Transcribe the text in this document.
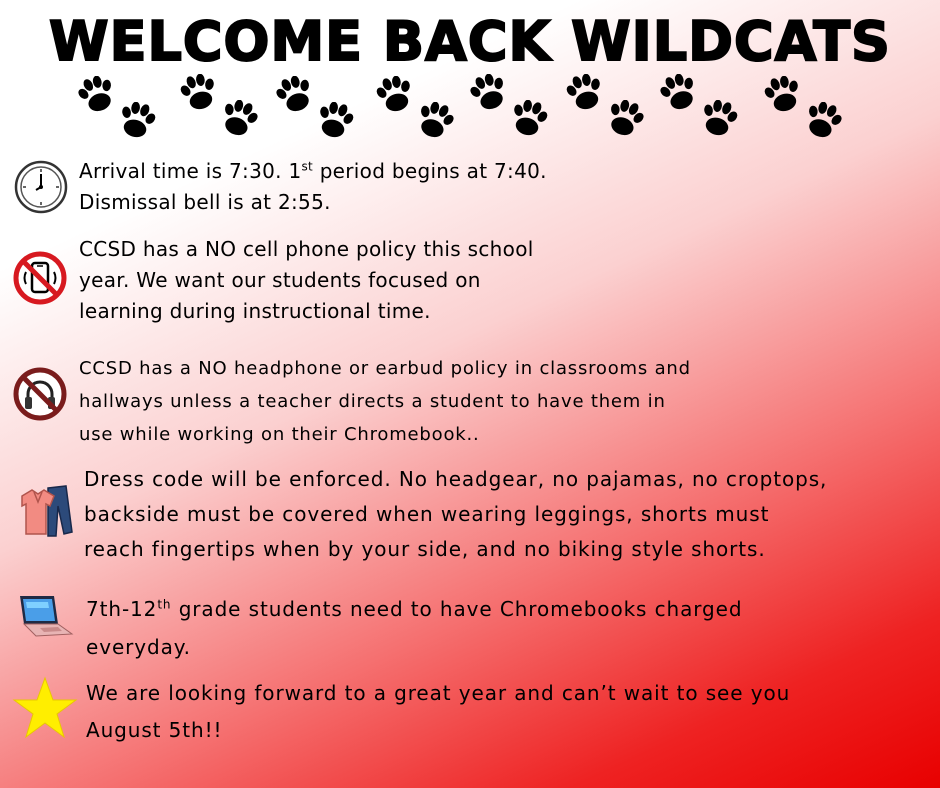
WELCOME BACK WILDCATS

Arrival time is 7:30. 1st period begins at 7:40.

Dismissal bell is at 2:55.

CCSD has a NO cell phone policy this school

year. We want our students focused on

learning during instructional time.

CCSD has a NO headphone or earbud policy in classrooms and

hallways unless a teacher directs a student to have them in

use while working on their Chromebook..

Dress code will be enforced. No headgear, no pajamas, no croptops,

backside must be covered when wearing leggings, shorts must

reach fingertips when by your side, and no biking style shorts.

7th-12th grade students need to have Chromebooks charged

everyday.

We are looking forward to a great year and can’t wait to see you

August 5th!!
